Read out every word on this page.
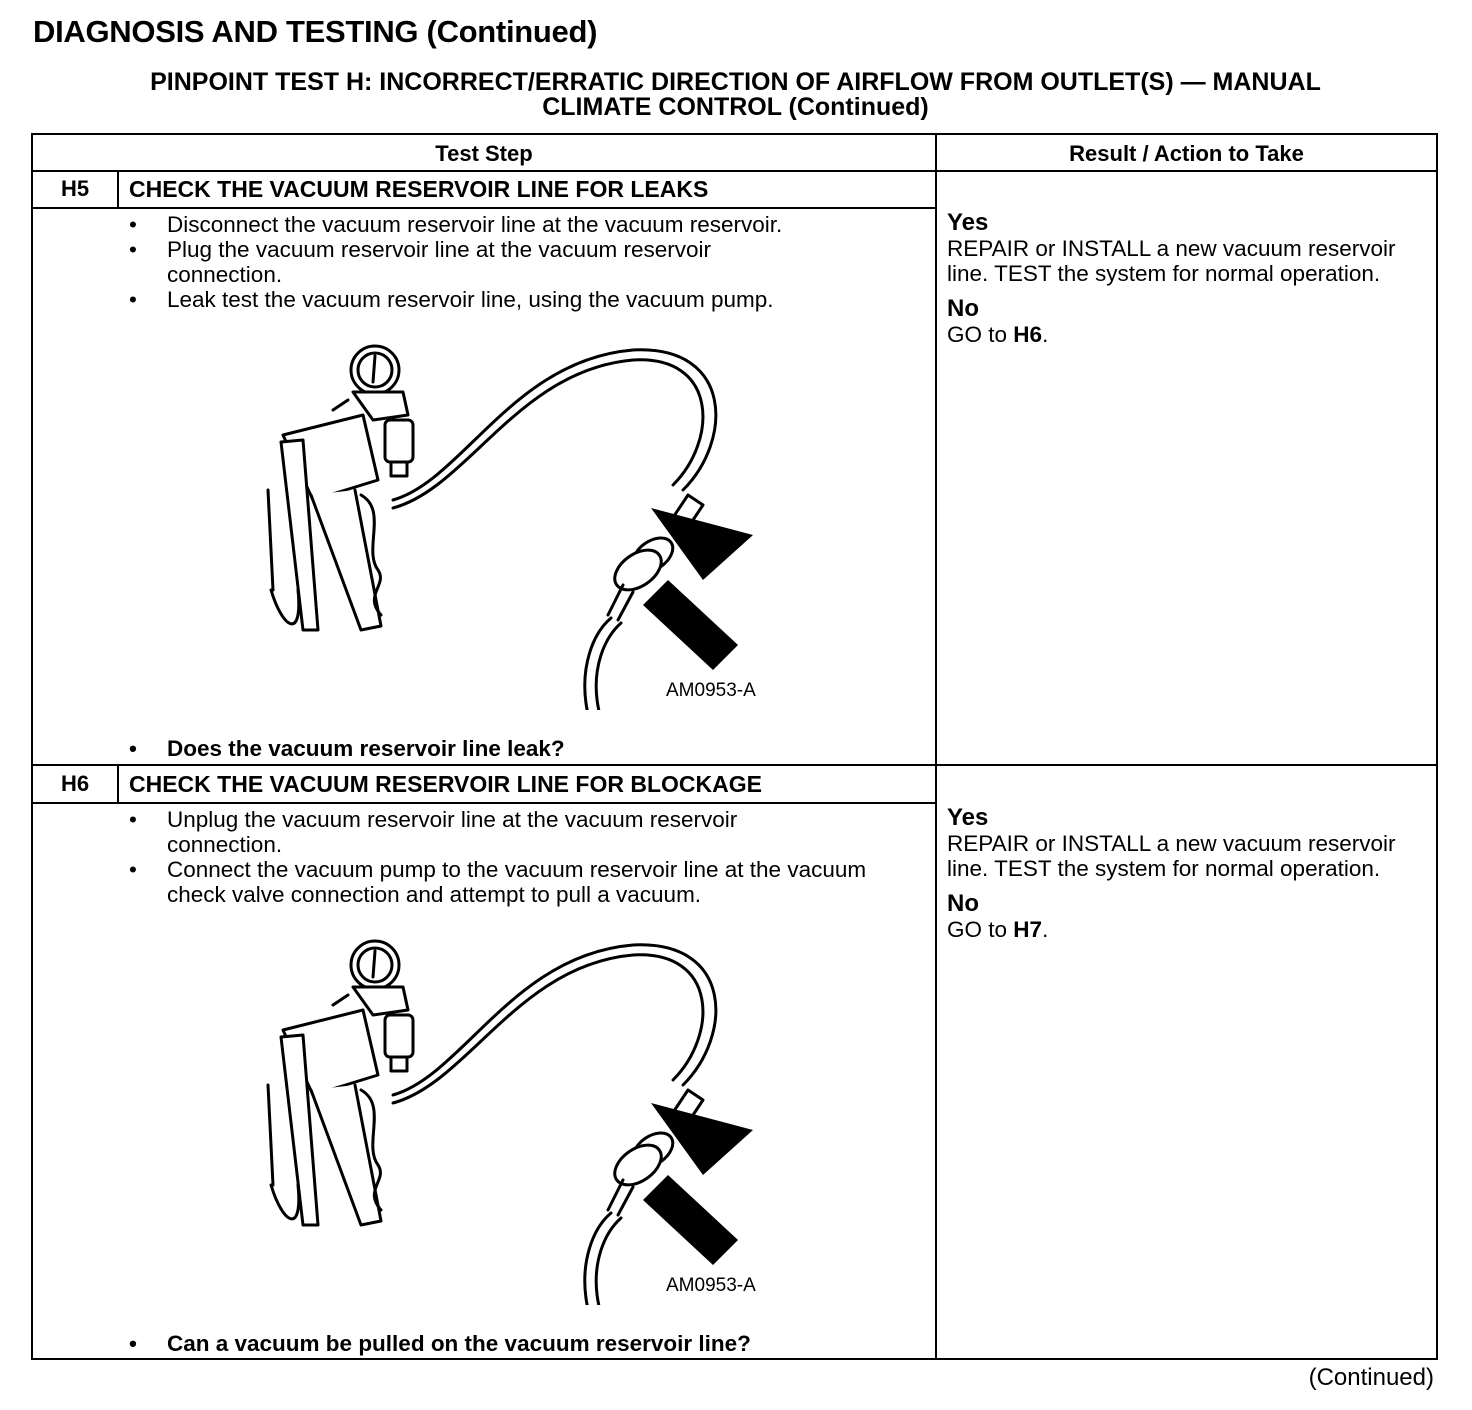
DIAGNOSIS AND TESTING (Continued)
PINPOINT TEST H: INCORRECT/ERRATIC DIRECTION OF AIRFLOW FROM OUTLET(S) — MANUAL
CLIMATE CONTROL (Continued)
Test Step	Result / Action to Take
H5	CHECK THE VACUUM RESERVOIR LINE FOR LEAKS
• Disconnect the vacuum reservoir line at the vacuum reservoir.
• Plug the vacuum reservoir line at the vacuum reservoir connection.
• Leak test the vacuum reservoir line, using the vacuum pump.
AM0953-A
• Does the vacuum reservoir line leak?
Yes
REPAIR or INSTALL a new vacuum reservoir line. TEST the system for normal operation.
No
GO to H6.
H6	CHECK THE VACUUM RESERVOIR LINE FOR BLOCKAGE
• Unplug the vacuum reservoir line at the vacuum reservoir connection.
• Connect the vacuum pump to the vacuum reservoir line at the vacuum check valve connection and attempt to pull a vacuum.
AM0953-A
• Can a vacuum be pulled on the vacuum reservoir line?
Yes
REPAIR or INSTALL a new vacuum reservoir line. TEST the system for normal operation.
No
GO to H7.
(Continued)
